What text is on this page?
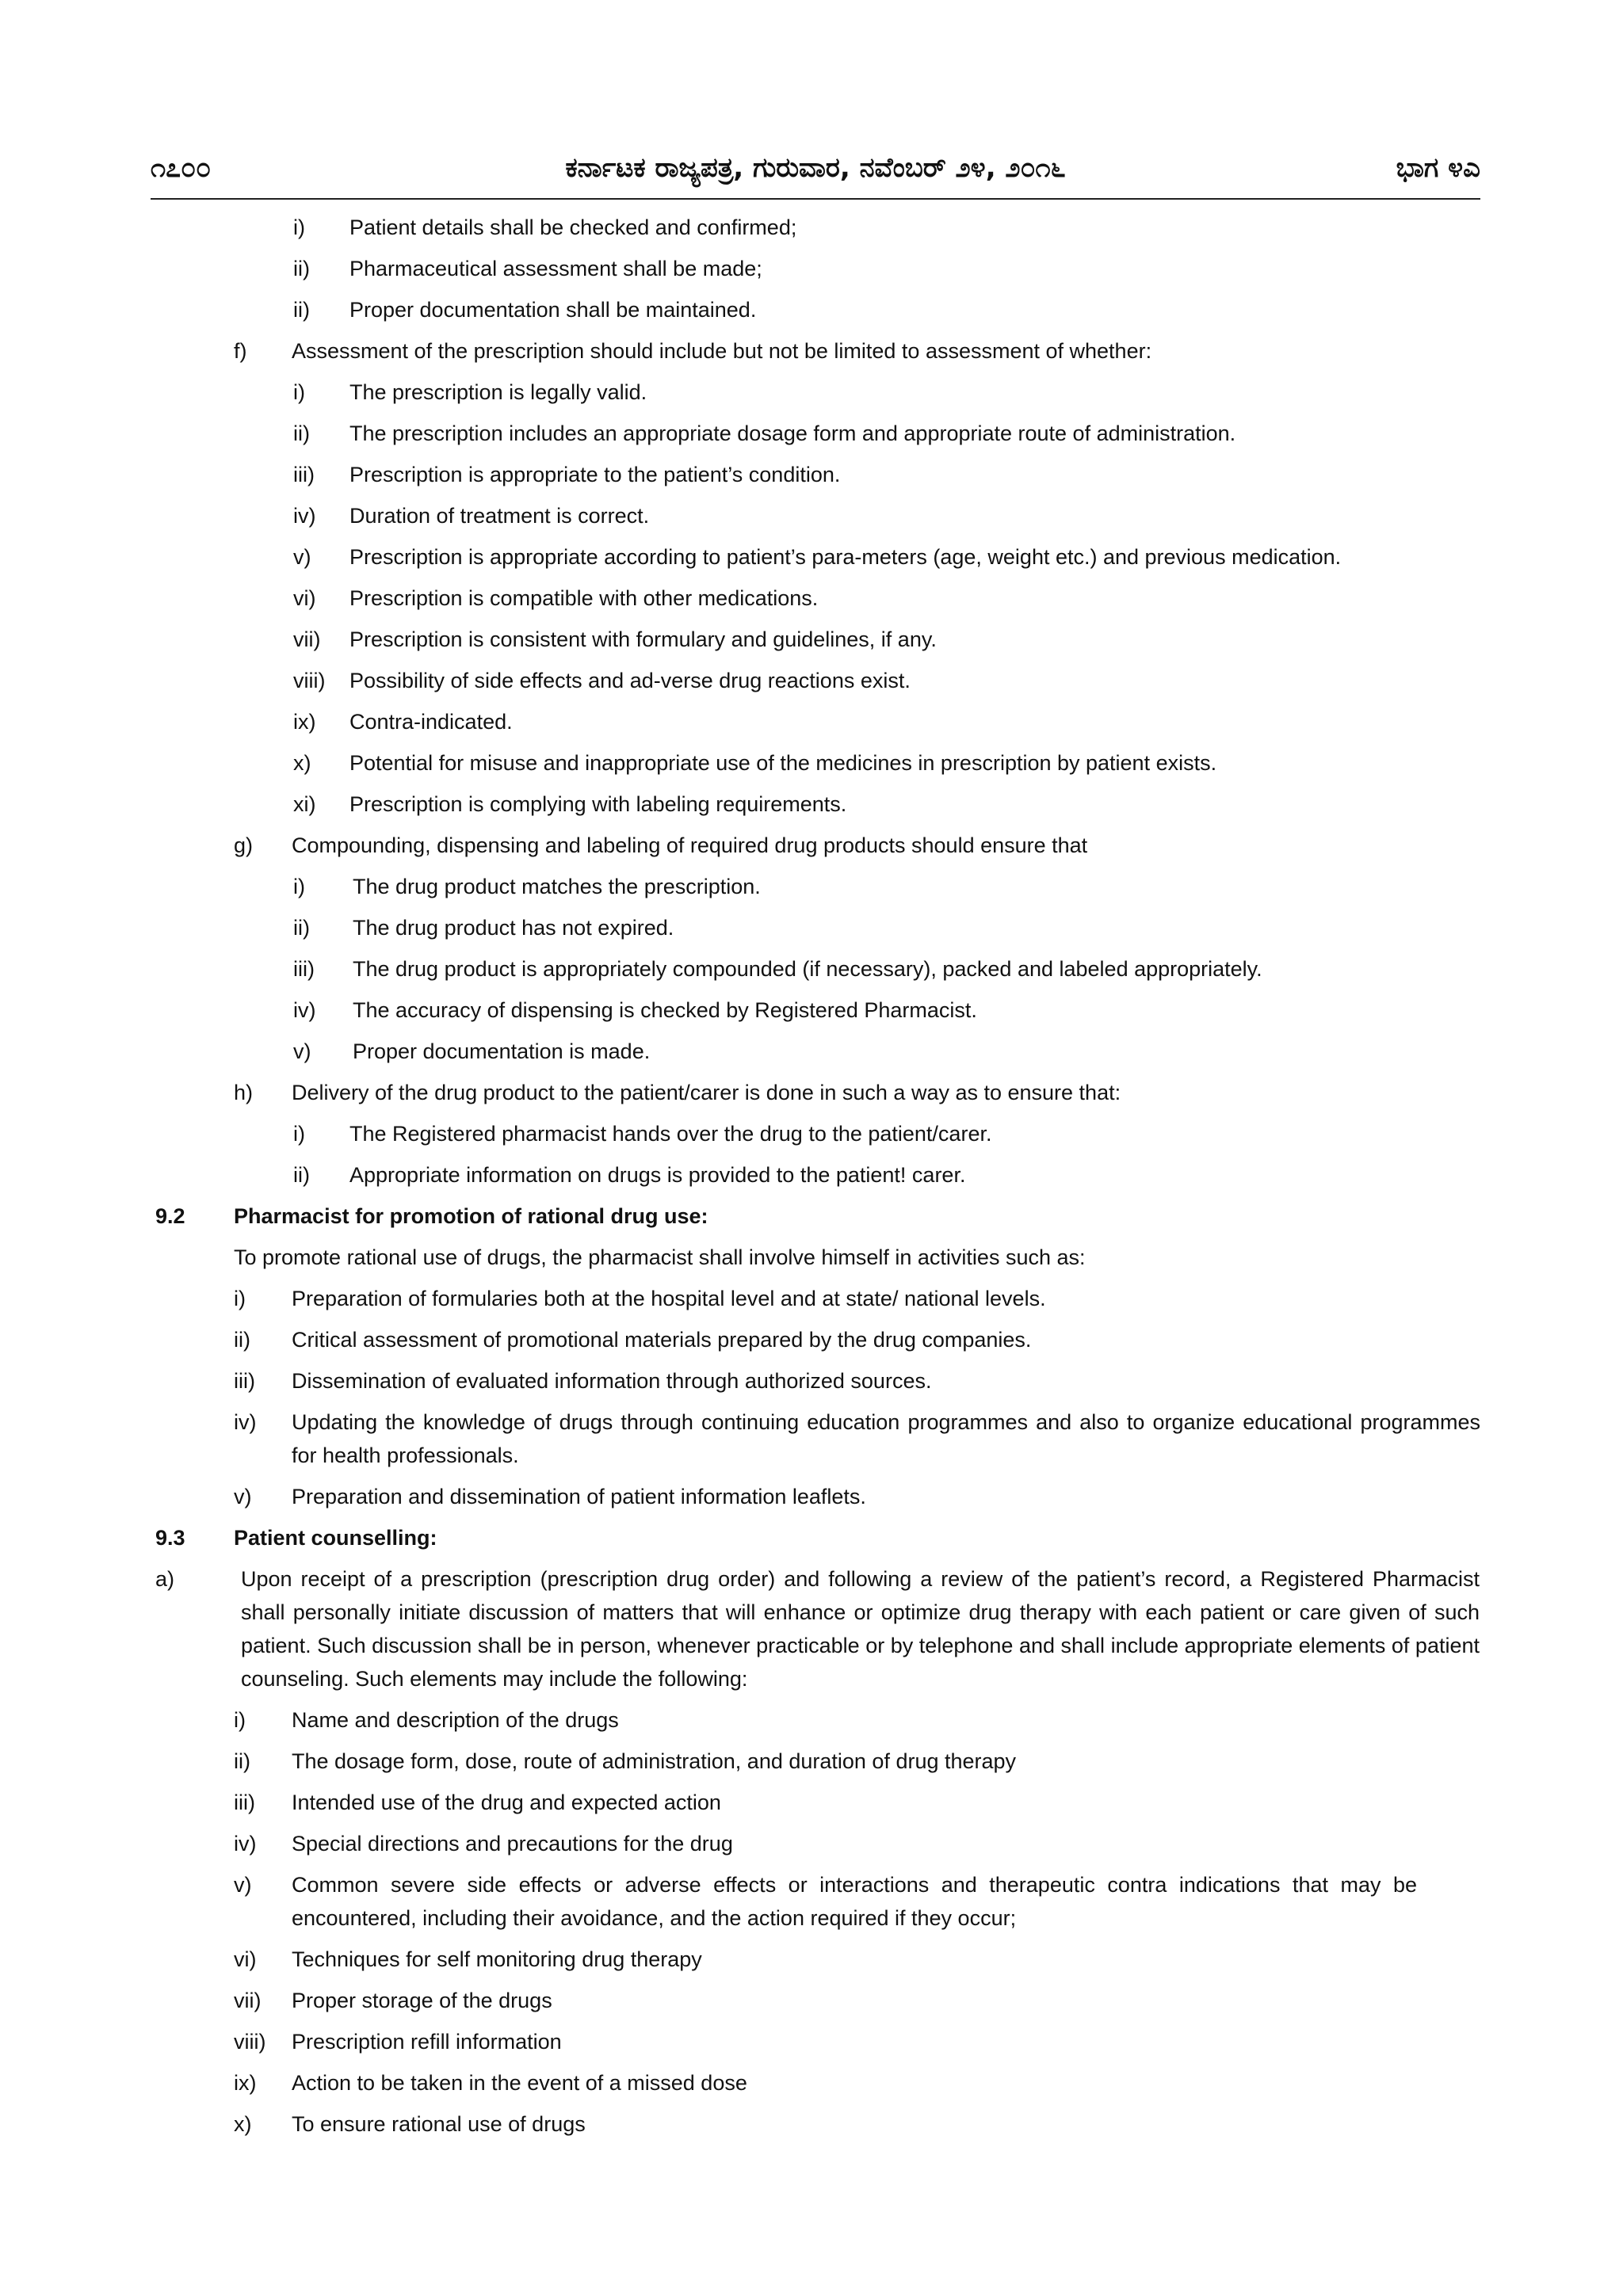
೧೭೦೦	ಕರ್ನಾಟಕ ರಾಜ್ಯಪತ್ರ, ಗುರುವಾರ, ನವೆಂಬರ್ ೨೪, ೨೦೧೬	ಭಾಗ ೪ಎ
i) Patient details shall be checked and confirmed;
ii) Pharmaceutical assessment shall be made;
ii) Proper documentation shall be maintained.
f) Assessment of the prescription should include but not be limited to assessment of whether:
i) The prescription is legally valid.
ii) The prescription includes an appropriate dosage form and appropriate route of administration.
iii) Prescription is appropriate to the patient’s condition.
iv) Duration of treatment is correct.
v) Prescription is appropriate according to patient’s para-meters (age, weight etc.) and previous medication.
vi) Prescription is compatible with other medications.
vii) Prescription is consistent with formulary and guidelines, if any.
viii) Possibility of side effects and ad-verse drug reactions exist.
ix) Contra-indicated.
x) Potential for misuse and inappropriate use of the medicines in prescription by patient exists.
xi) Prescription is complying with labeling requirements.
g) Compounding, dispensing and labeling of required drug products should ensure that
i) The drug product matches the prescription.
ii) The drug product has not expired.
iii) The drug product is appropriately compounded (if necessary), packed and labeled appropriately.
iv) The accuracy of dispensing is checked by Registered Pharmacist.
v) Proper documentation is made.
h) Delivery of the drug product to the patient/carer is done in such a way as to ensure that:
i) The Registered pharmacist hands over the drug to the patient/carer.
ii) Appropriate information on drugs is provided to the patient! carer.
9.2 Pharmacist for promotion of rational drug use:
To promote rational use of drugs, the pharmacist shall involve himself in activities such as:
i) Preparation of formularies both at the hospital level and at state/ national levels.
ii) Critical assessment of promotional materials prepared by the drug companies.
iii) Dissemination of evaluated information through authorized sources.
iv) Updating the knowledge of drugs through continuing education programmes and also to organize educational programmes for health professionals.
v) Preparation and dissemination of patient information leaflets.
9.3 Patient counselling:
a)	Upon receipt of a prescription (prescription drug order) and following a review of the patient’s record, a Registered Pharmacist shall personally initiate discussion of matters that will enhance or optimize drug therapy with each patient or care given of such patient. Such discussion shall be in person, whenever practicable or by telephone and shall include appropriate elements of patient counseling. Such elements may include the following:
i) Name and description of the drugs
ii) The dosage form, dose, route of administration, and duration of drug therapy
iii) Intended use of the drug and expected action
iv) Special directions and precautions for the drug
v) Common severe side effects or adverse effects or interactions and therapeutic contra indications that may be encountered, including their avoidance, and the action required if they occur;
vi) Techniques for self monitoring drug therapy
vii) Proper storage of the drugs
viii) Prescription refill information
ix) Action to be taken in the event of a missed dose
x) To ensure rational use of drugs
